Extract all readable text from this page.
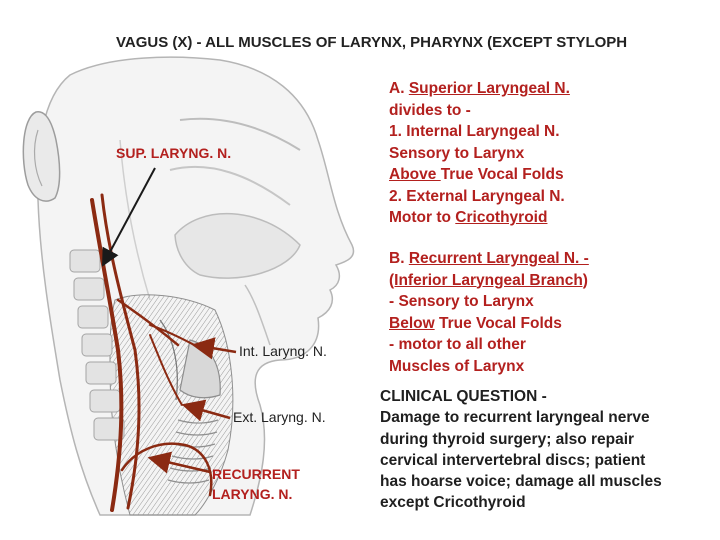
VAGUS (X) - ALL MUSCLES OF LARYNX, PHARYNX (EXCEPT STYLOPH
SUP. LARYNG. N.
Int. Laryng. N.
Ext. Laryng. N.
RECURRENT
LARYNG. N.
A. Superior Laryngeal N.
divides to -
1. Internal Laryngeal N.
Sensory to Larynx
Above True Vocal Folds
2. External Laryngeal N.
Motor to Cricothyroid
B. Recurrent Laryngeal N. -
(Inferior Laryngeal Branch)
- Sensory to Larynx
Below True Vocal Folds
- motor to all other
Muscles of Larynx
CLINICAL QUESTION -
Damage to recurrent laryngeal nerve
during thyroid surgery; also repair
cervical intervertebral discs; patient
has hoarse voice; damage all muscles
except Cricothyroid
